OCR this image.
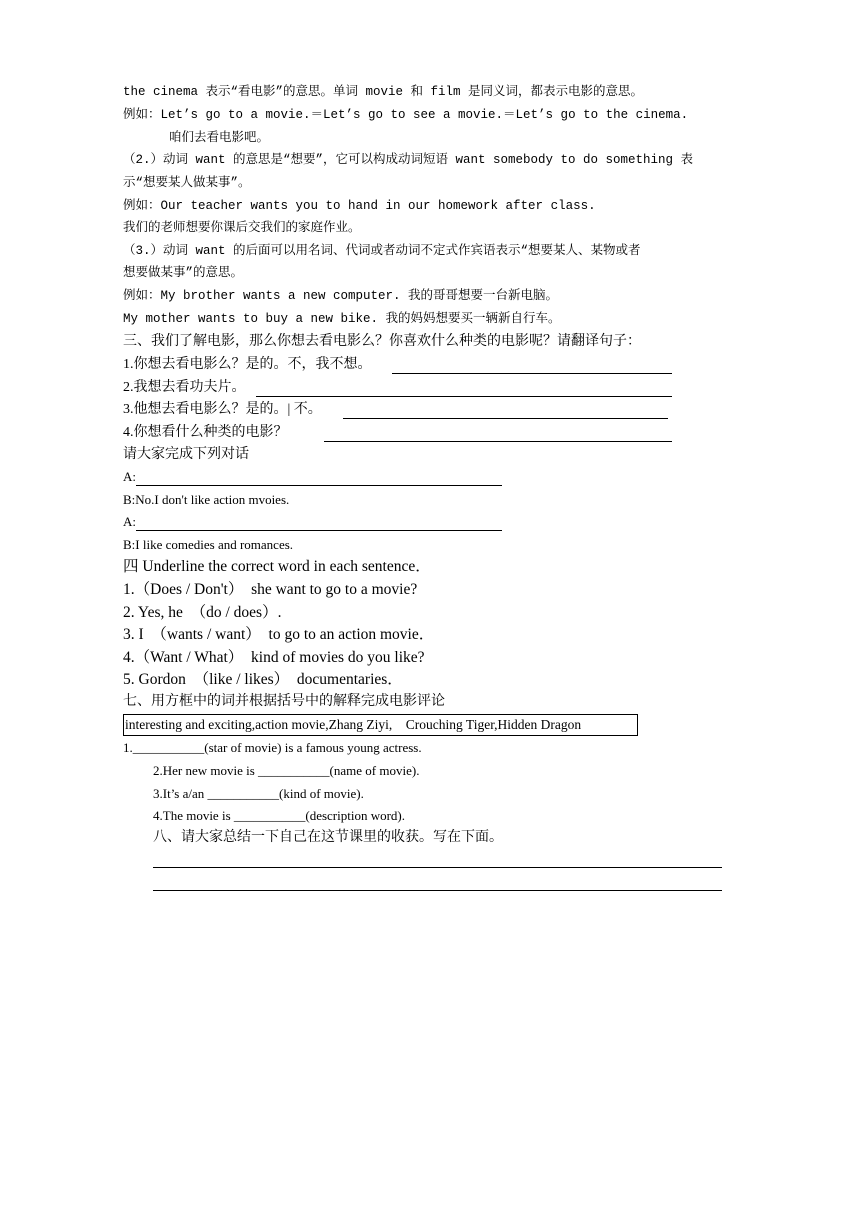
the cinema 表示“看电影”的意思。单词 movie 和 film 是同义词，都表示电影的意思。
例如：Let’s go to a movie.＝Let’s go to see a movie.＝Let’s go to the cinema.
咱们去看电影吧。
（2.）动词 want 的意思是“想要”，它可以构成动词短语 want somebody to do something 表
示“想要某人做某事”。
例如：Our teacher wants you to hand in our homework after class.
我们的老师想要你课后交我们的家庭作业。
（3.）动词 want 的后面可以用名词、代词或者动词不定式作宾语表示“想要某人、某物或者
想要做某事”的意思。
例如：My brother wants a new computer. 我的哥哥想要一台新电脑。
My mother wants to buy a new bike. 我的妈妈想要买一辆新自行车。
三、我们了解电影，那么你想去看电影么？你喜欢什么种类的电影呢？请翻译句子：
1.你想去看电影么？是的。不，我不想。
2.我想去看功夫片。
3.他想去看电影么？是的。| 不。
4.你想看什么种类的电影？
请大家完成下列对话
A:
B:No.I don't like action mvoies.
A:
B:I like comedies and romances.
四 Underline the correct word in each sentence．
1.（Does / Don't）  she want to go to a movie?
2. Yes, he  （do / does）.
3. I  （wants / want）  to go to an action movie．
4.（Want / What）  kind of movies do you like?
5. Gordon  （like / likes）  documentaries．
七、用方框中的词并根据括号中的解释完成电影评论
interesting and exciting,action movie,Zhang Ziyi,    Crouching Tiger,Hidden Dragon
1.___________(star of movie) is a famous young actress.
2.Her new movie is ___________(name of movie).
3.It’s a/an ___________(kind of movie).
4.The movie is ___________(description word).
八、请大家总结一下自己在这节课里的收获。写在下面。
